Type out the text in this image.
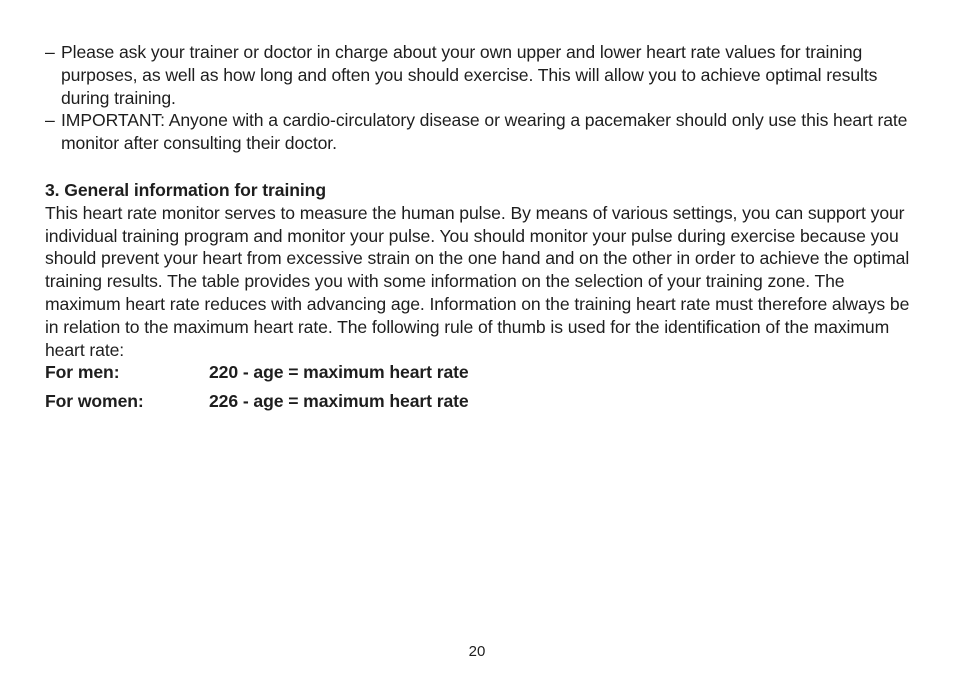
– Please ask your trainer or doctor in charge about your own upper and lower heart rate values for training purposes, as well as how long and often you should exercise. This will allow you to achieve optimal results during training.
– IMPORTANT: Anyone with a cardio-circulatory disease or wearing a pacemaker should only use this heart rate monitor after consulting their doctor.
3. General information for training

This heart rate monitor serves to measure the human pulse. By means of various settings, you can support your individual training program and monitor your pulse. You should monitor your pulse during exercise because you should prevent your heart from excessive strain on the one hand and on the other in order to achieve the optimal training results. The table provides you with some information on the selection of your training zone. The maximum heart rate reduces with advancing age. Information on the training heart rate must therefore always be in relation to the maximum heart rate. The following rule of thumb is used for the identification of the maximum heart rate:

For men:	220 - age = maximum heart rate
For women:	226 - age = maximum heart rate
20
